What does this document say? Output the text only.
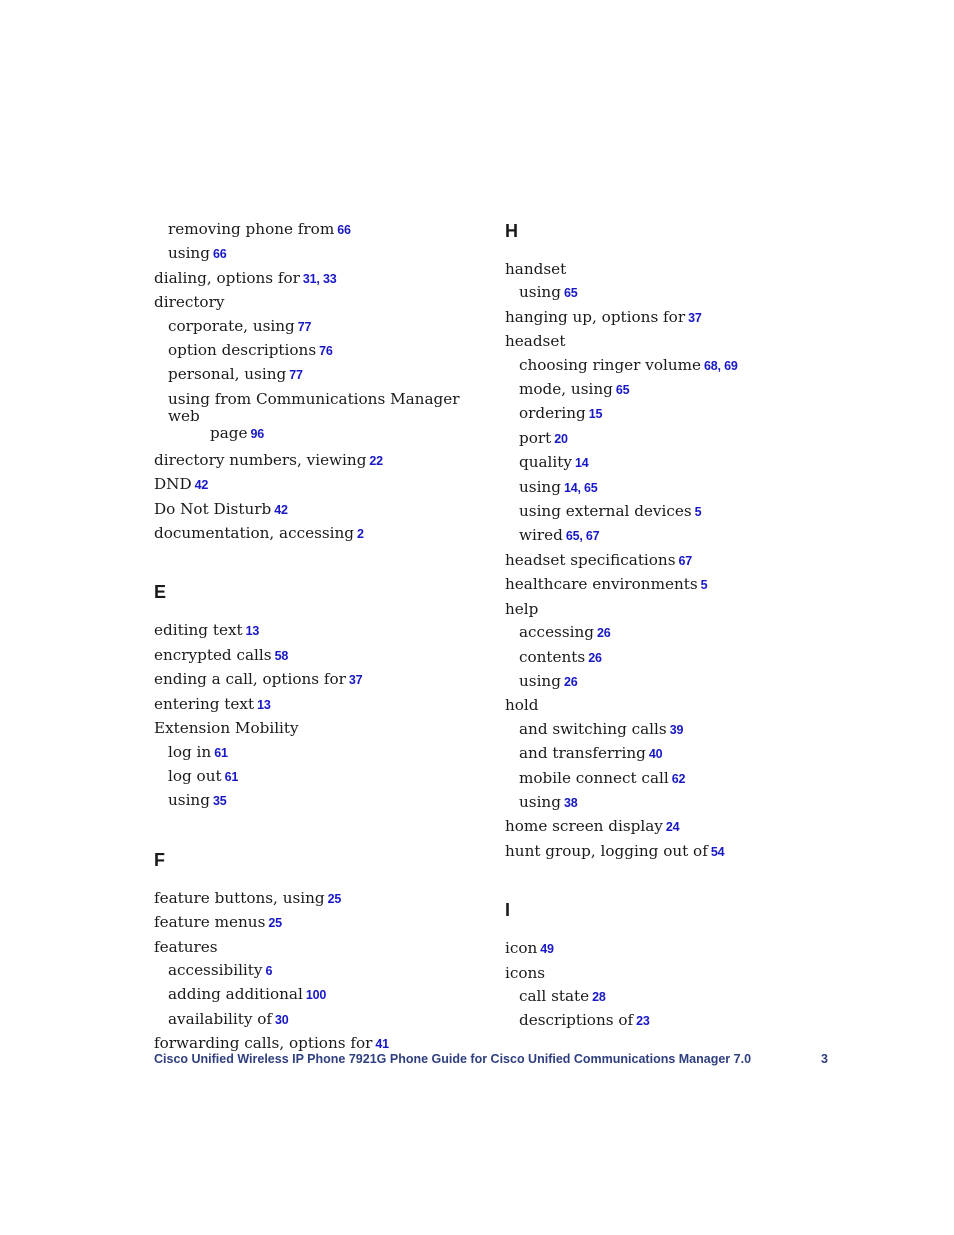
removing phone from 66
using 66
dialing, options for 31, 33
directory
corporate, using 77
option descriptions 76
personal, using 77
using from Communications Manager web
page 96
directory numbers, viewing 22
DND 42
Do Not Disturb 42
documentation, accessing 2
E
editing text 13
encrypted calls 58
ending a call, options for 37
entering text 13
Extension Mobility
log in 61
log out 61
using 35
F
feature buttons, using 25
feature menus 25
features
accessibility 6
adding additional 100
availability of 30
forwarding calls, options for 41
H
handset
using 65
hanging up, options for 37
headset
choosing ringer volume 68, 69
mode, using 65
ordering 15
port 20
quality 14
using 14, 65
using external devices 5
wired 65, 67
headset specifications 67
healthcare environments 5
help
accessing 26
contents 26
using 26
hold
and switching calls 39
and transferring 40
mobile connect call 62
using 38
home screen display 24
hunt group, logging out of 54
I
icon 49
icons
call state 28
descriptions of 23
Cisco Unified Wireless IP Phone 7921G Phone Guide for Cisco Unified Communications Manager 7.0	3
